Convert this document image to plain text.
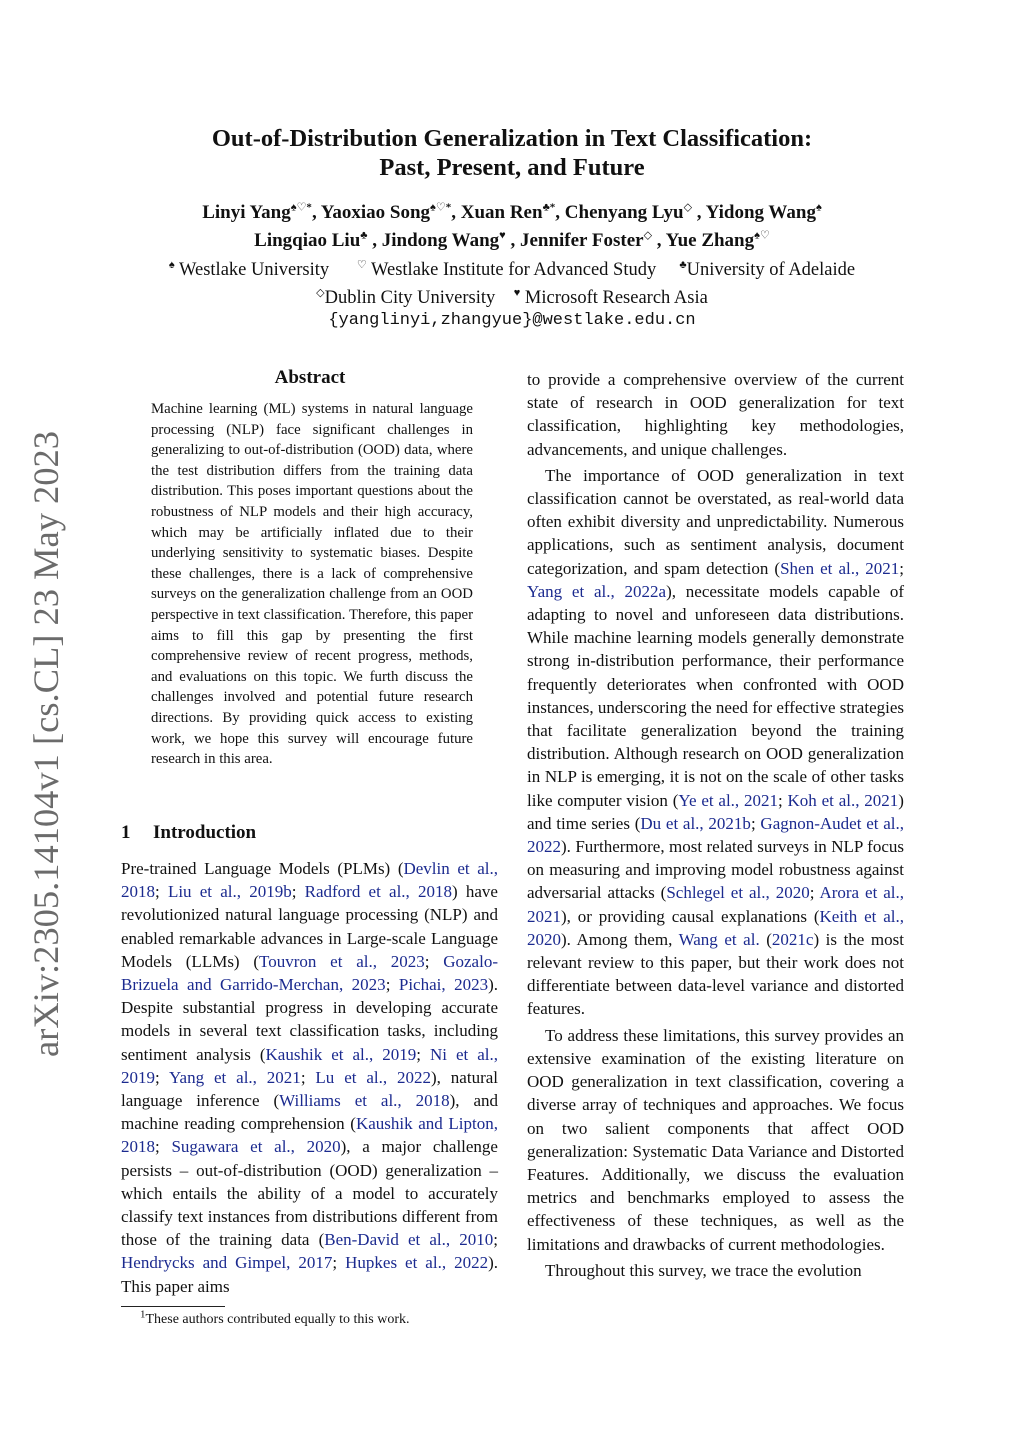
arXiv:2305.14104v1 [cs.CL] 23 May 2023
Out-of-Distribution Generalization in Text Classification:
Past, Present, and Future
Linyi Yang♠♡*, Yaoxiao Song♠♡*, Xuan Ren♣*, Chenyang Lyu◇ , Yidong Wang♠
Lingqiao Liu♣ , Jindong Wang♥ , Jennifer Foster◇ , Yue Zhang♠♡
♠ Westlake University	♡ Westlake Institute for Advanced Study ♣University of Adelaide
◇Dublin City University ♥ Microsoft Research Asia
{yanglinyi,zhangyue}@westlake.edu.cn
Abstract
Machine learning (ML) systems in natural language processing (NLP) face significant challenges in generalizing to out-of-distribution (OOD) data, where the test distribution differs from the training data distribution. This poses important questions about the robustness of NLP models and their high accuracy, which may be artificially inflated due to their underlying sensitivity to systematic biases. Despite these challenges, there is a lack of comprehensive surveys on the generalization challenge from an OOD perspective in text classification. Therefore, this paper aims to fill this gap by presenting the first comprehensive review of recent progress, methods, and evaluations on this topic. We furth discuss the challenges involved and potential future research directions. By providing quick access to existing work, we hope this survey will encourage future research in this area.
1 Introduction
Pre-trained Language Models (PLMs) (Devlin et al., 2018; Liu et al., 2019b; Radford et al., 2018) have revolutionized natural language processing (NLP) and enabled remarkable advances in Large-scale Language Models (LLMs) (Touvron et al., 2023; Gozalo-Brizuela and Garrido-Merchan, 2023; Pichai, 2023). Despite substantial progress in developing accurate models in several text classification tasks, including sentiment analysis (Kaushik et al., 2019; Ni et al., 2019; Yang et al., 2021; Lu et al., 2022), natural language inference (Williams et al., 2018), and machine reading comprehension (Kaushik and Lipton, 2018; Sugawara et al., 2020), a major challenge persists – out-of-distribution (OOD) generalization – which entails the ability of a model to accurately classify text instances from distributions different from those of the training data (Ben-David et al., 2010; Hendrycks and Gimpel, 2017; Hupkes et al., 2022). This paper aims
$^1$These authors contributed equally to this work.

to provide a comprehensive overview of the current state of research in OOD generalization for text classification, highlighting key methodologies, advancements, and unique challenges.

The importance of OOD generalization in text classification cannot be overstated, as real-world data often exhibit diversity and unpredictability. Numerous applications, such as sentiment analysis, document categorization, and spam detection (Shen et al., 2021; Yang et al., 2022a), necessitate models capable of adapting to novel and unforeseen data distributions. While machine learning models generally demonstrate strong in-distribution performance, their performance frequently deteriorates when confronted with OOD instances, underscoring the need for effective strategies that facilitate generalization beyond the training distribution. Although research on OOD generalization in NLP is emerging, it is not on the scale of other tasks like computer vision (Ye et al., 2021; Koh et al., 2021) and time series (Du et al., 2021b; Gagnon-Audet et al., 2022). Furthermore, most related surveys in NLP focus on measuring and improving model robustness against adversarial attacks (Schlegel et al., 2020; Arora et al., 2021), or providing causal explanations (Keith et al., 2020). Among them, Wang et al. (2021c) is the most relevant review to this paper, but their work does not differentiate between data-level variance and distorted features.

To address these limitations, this survey provides an extensive examination of the existing literature on OOD generalization in text classification, covering a diverse array of techniques and approaches. We focus on two salient components that affect OOD generalization: Systematic Data Variance and Distorted Features. Additionally, we discuss the evaluation metrics and benchmarks employed to assess the effectiveness of these techniques, as well as the limitations and drawbacks of current methodologies.

Throughout this survey, we trace the evolution
